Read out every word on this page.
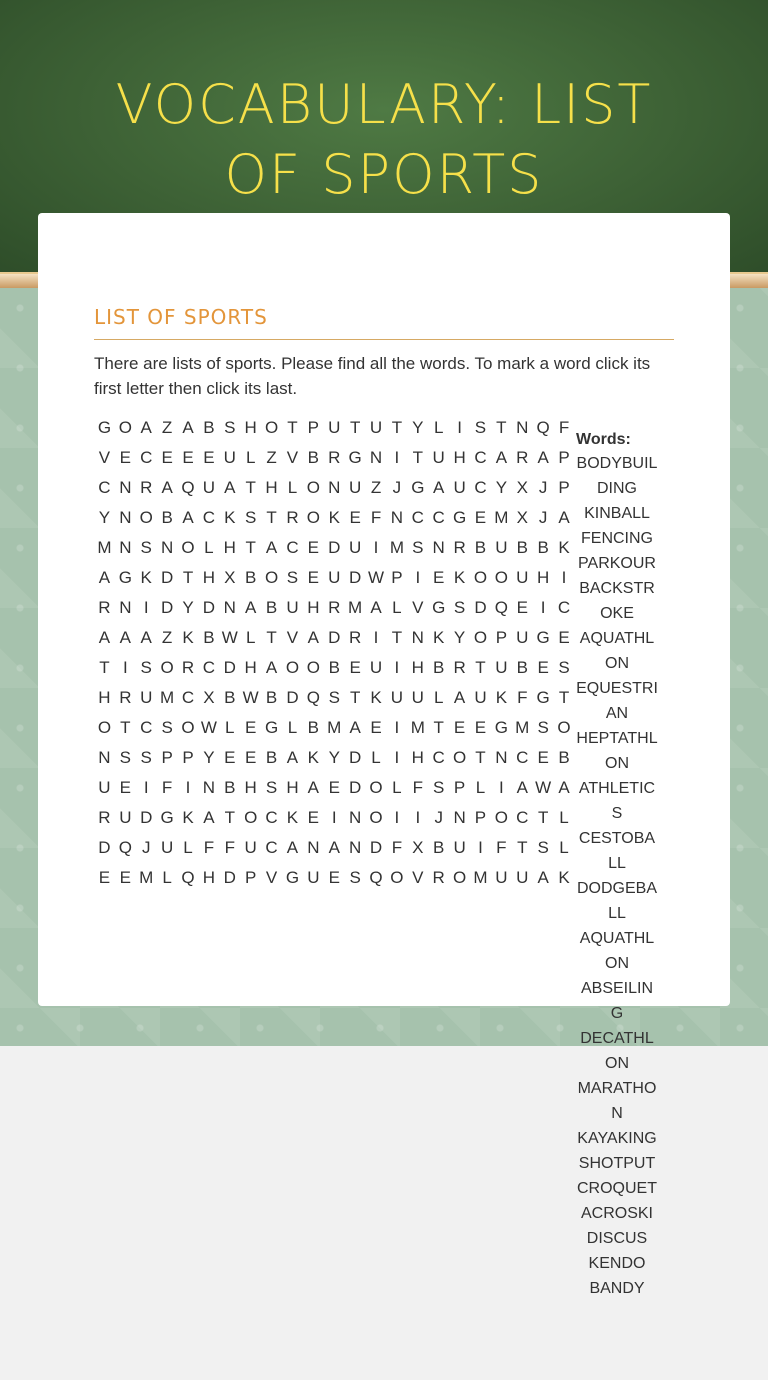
VOCABULARY: LIST OF SPORTS
LIST OF SPORTS

There are lists of sports. Please find all the words. To mark a word click its first letter then click its last.

G O A Z A B S H O T P U T U T Y L I S T N Q F
V E C E E E U L Z V B R G N I T U H C A R A P
C N R A Q U A T H L O N U Z J G A U C Y X J P
Y N O B A C K S T R O K E F N C C G E M X J A
M N S N O L H T A C E D U I M S N R B U B B K
A G K D T H X B O S E U D W P I E K O O U H I
R N I D Y D N A B U H R M A L V G S D Q E I C
A A A Z K B W L T V A D R I T N K Y O P U G E
T I S O R C D H A O O B E U I H B R T U B E S
H R U M C X B W B D Q S T K U U L A U K F G T
O T C S O W L E G L B M A E I M T E E G M S O
N S S P P Y E E B A K Y D L I H C O T N C E B
U E I F I N B H S H A E D O L F S P L I A W A
R U D G K A T O C K E I N O I I J N P O C T L
D Q J U L F F U C A N A N D F X B U I F T S L
E E M L Q H D P V G U E S Q O V R O M U U A K

Words:

BODYBUILDING
KINBALL
FENCING
PARKOUR
BACKSTROKE
AQUATHLON
EQUESTRIAN
HEPTATHLON
ATHLETICS
CESTOBALL
DODGEBALL
AQUATHLON
ABSEILING
DECATHLON
MARATHON
KAYAKING
SHOTPUT
CROQUET
ACROSKI
DISCUS
KENDO
BANDY
